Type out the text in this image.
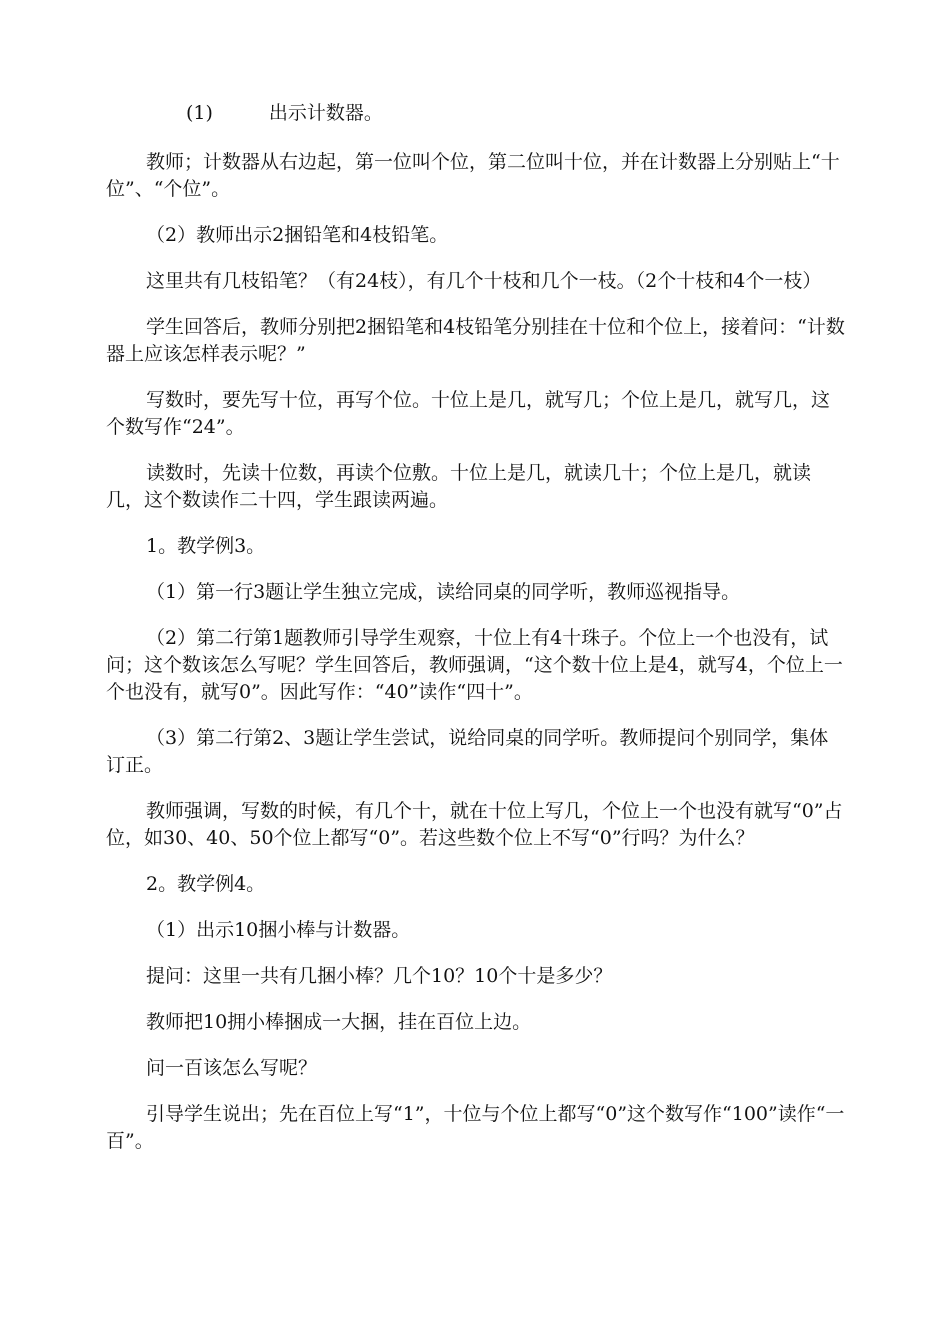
(1)	出示计数器。

教师；计数器从右边起，第一位叫个位，第二位叫十位，并在计数器上分别贴上“十位”、“个位”。

（2）教师出示2捆铅笔和4枝铅笔。

这里共有几枝铅笔？（有24枝），有几个十枝和几个一枝。（2个十枝和4个一枝）

学生回答后，教师分别把2捆铅笔和4枝铅笔分别挂在十位和个位上，接着问：“计数器上应该怎样表示呢？”

写数时，要先写十位，再写个位。十位上是几，就写几；个位上是几，就写几，这个数写作“24”。

读数时，先读十位数，再读个位敷。十位上是几，就读几十；个位上是几，就读几，这个数读作二十四，学生跟读两遍。

1。教学例3。

（1）第一行3题让学生独立完成，读给同桌的同学听，教师巡视指导。

（2）第二行第1题教师引导学生观察，十位上有4十珠子。个位上一个也没有，试问；这个数该怎么写呢？学生回答后，教师强调，“这个数十位上是4，就写4，个位上一个也没有，就写0”。因此写作：“40”读作“四十”。

（3）第二行第2、3题让学生尝试，说给同桌的同学听。教师提问个别同学，集体订正。

教师强调，写数的时候，有几个十，就在十位上写几，个位上一个也没有就写“0”占位，如30、40、50个位上都写“0”。若这些数个位上不写“0”行吗？为什么？

2。教学例4。

（1）出示10捆小棒与计数器。

提问：这里一共有几捆小棒？几个10？10个十是多少？

教师把10拥小棒捆成一大捆，挂在百位上边。

问一百该怎么写呢？

引导学生说出；先在百位上写“1”，十位与个位上都写“0”这个数写作“100”读作“一百”。
